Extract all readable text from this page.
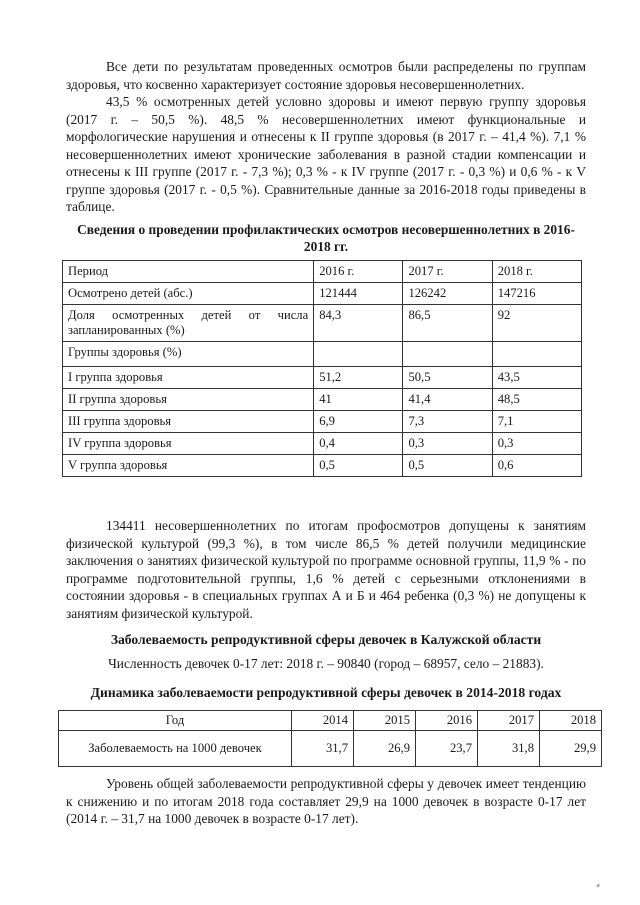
Все дети по результатам проведенных осмотров были распределены по группам здоровья, что косвенно характеризует состояние здоровья несовершеннолетних.

43,5 % осмотренных детей условно здоровы и имеют первую группу здоровья (2017 г. – 50,5 %). 48,5 % несовершеннолетних имеют функциональные и морфологические нарушения и отнесены к II группе здоровья (в 2017 г. – 41,4 %). 7,1 % несовершеннолетних имеют хронические заболевания в разной стадии компенсации и отнесены к III группе (2017 г. - 7,3 %); 0,3 % - к IV группе (2017 г. - 0,3 %) и 0,6 % - к V группе здоровья (2017 г. - 0,5 %). Сравнительные данные за 2016-2018 годы приведены в таблице.

Сведения о проведении профилактических осмотров несовершеннолетних в 2016-2018 гг.
Период	2016 г.	2017 г.	2018 г.
Осмотрено детей (абс.)	121444	126242	147216
Доля осмотренных детей от числа запланированных (%)	84,3	86,5	92
Группы здоровья (%)			
I группа здоровья	51,2	50,5	43,5
II группа здоровья	41	41,4	48,5
III группа здоровья	6,9	7,3	7,1
IV группа здоровья	0,4	0,3	0,3
V группа здоровья	0,5	0,5	0,6

134411 несовершеннолетних по итогам профосмотров допущены к занятиям физической культурой (99,3 %), в том числе 86,5 % детей получили медицинские заключения о занятиях физической культурой по программе основной группы, 11,9 % - по программе подготовительной группы, 1,6 % детей с серьезными отклонениями в состоянии здоровья - в специальных группах А и Б и 464 ребенка (0,3 %) не допущены к занятиям физической культурой.

Заболеваемость репродуктивной сферы девочек в Калужской области
Численность девочек 0-17 лет: 2018 г. – 90840 (город – 68957, село – 21883).
Динамика заболеваемости репродуктивной сферы девочек в 2014-2018 годах
Год	2014	2015	2016	2017	2018
Заболеваемость на 1000 девочек	31,7	26,9	23,7	31,8	29,9

Уровень общей заболеваемости репродуктивной сферы у девочек имеет тенденцию к снижению и по итогам 2018 года составляет 29,9 на 1000 девочек в возрасте 0-17 лет (2014 г. – 31,7 на 1000 девочек в возрасте 0-17 лет).

*
